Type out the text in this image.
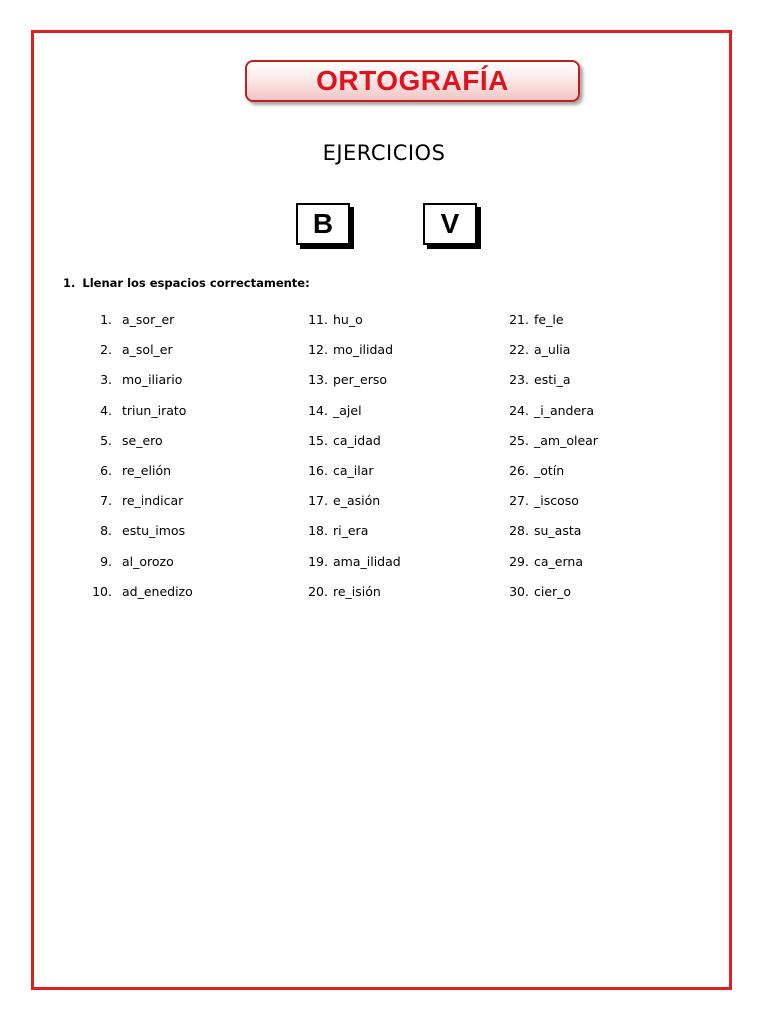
ORTOGRAFÍA
EJERCICIOS
B	V
1. Llenar los espacios correctamente:
1. a_sor_er
2. a_sol_er
3. mo_iliario
4. triun_irato
5. se_ero
6. re_elión
7. re_indicar
8. estu_imos
9. al_orozo
10. ad_enedizo
11. hu_o
12. mo_ilidad
13. per_erso
14. _ajel
15. ca_idad
16. ca_ilar
17. e_asión
18. ri_era
19. ama_ilidad
20. re_isión
21. fe_le
22. a_ulia
23. esti_a
24. _i_andera
25. _am_olear
26. _otín
27. _iscoso
28. su_asta
29. ca_erna
30. cier_o
